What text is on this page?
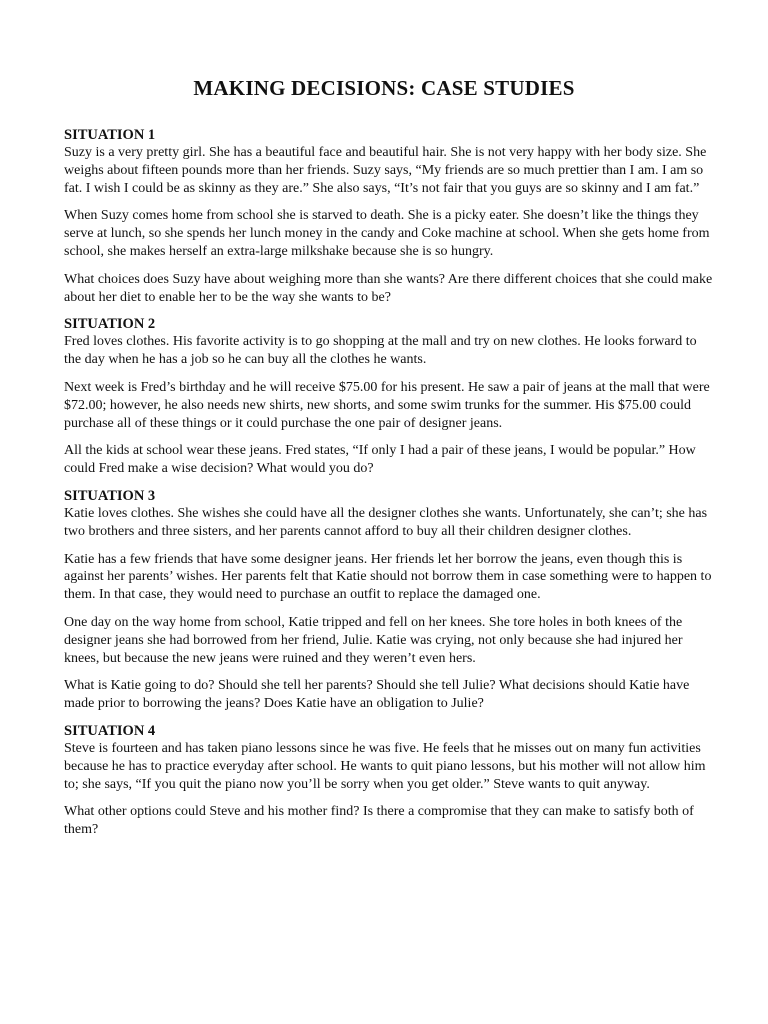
MAKING DECISIONS: CASE STUDIES
SITUATION 1

Suzy is a very pretty girl. She has a beautiful face and beautiful hair. She is not very happy with her body size. She weighs about fifteen pounds more than her friends. Suzy says, “My friends are so much prettier than I am. I am so fat. I wish I could be as skinny as they are.” She also says, “It’s not fair that you guys are so skinny and I am fat.”

When Suzy comes home from school she is starved to death. She is a picky eater. She doesn’t like the things they serve at lunch, so she spends her lunch money in the candy and Coke machine at school. When she gets home from school, she makes herself an extra-large milkshake because she is so hungry.

What choices does Suzy have about weighing more than she wants? Are there different choices that she could make about her diet to enable her to be the way she wants to be?

SITUATION 2

Fred loves clothes. His favorite activity is to go shopping at the mall and try on new clothes. He looks forward to the day when he has a job so he can buy all the clothes he wants.

Next week is Fred’s birthday and he will receive $75.00 for his present. He saw a pair of jeans at the mall that were $72.00; however, he also needs new shirts, new shorts, and some swim trunks for the summer. His $75.00 could purchase all of these things or it could purchase the one pair of designer jeans.

All the kids at school wear these jeans. Fred states, “If only I had a pair of these jeans, I would be popular.” How could Fred make a wise decision? What would you do?

SITUATION 3

Katie loves clothes. She wishes she could have all the designer clothes she wants. Unfortunately, she can’t; she has two brothers and three sisters, and her parents cannot afford to buy all their children designer clothes.

Katie has a few friends that have some designer jeans. Her friends let her borrow the jeans, even though this is against her parents’ wishes. Her parents felt that Katie should not borrow them in case something were to happen to them. In that case, they would need to purchase an outfit to replace the damaged one.

One day on the way home from school, Katie tripped and fell on her knees. She tore holes in both knees of the designer jeans she had borrowed from her friend, Julie. Katie was crying, not only because she had injured her knees, but because the new jeans were ruined and they weren’t even hers.

What is Katie going to do? Should she tell her parents? Should she tell Julie? What decisions should Katie have made prior to borrowing the jeans? Does Katie have an obligation to Julie?

SITUATION 4

Steve is fourteen and has taken piano lessons since he was five. He feels that he misses out on many fun activities because he has to practice everyday after school. He wants to quit piano lessons, but his mother will not allow him to; she says, “If you quit the piano now you’ll be sorry when you get older.” Steve wants to quit anyway.

What other options could Steve and his mother find? Is there a compromise that they can make to satisfy both of them?
